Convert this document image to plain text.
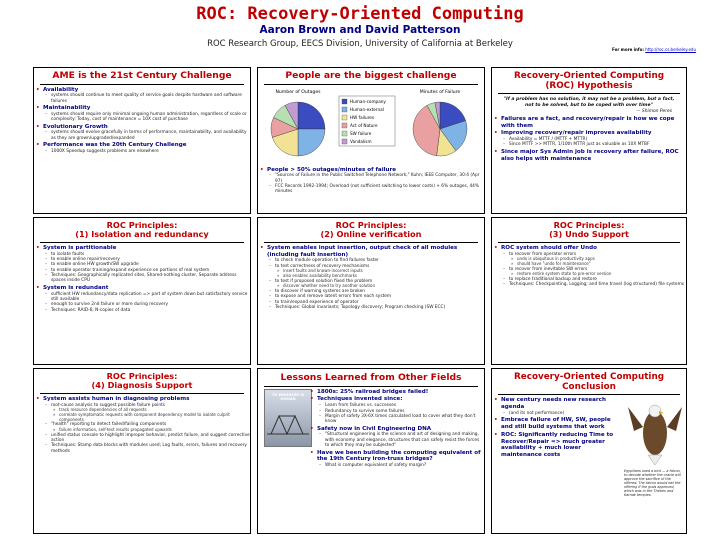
ROC: Recovery-Oriented Computing
Aaron Brown and David Patterson
ROC Research Group, EECS Division, University of California at Berkeley
For more info: http://roc.cs.berkeley.edu
AME is the 21st Century Challenge
• Availability
– systems should continue to meet quality of service goals despite hardware and software failures
• Maintainability
– systems should require only minimal ongoing human administration, regardless of scale or complexity: Today, cost of maintenance = 10X cost of purchase
• Evolutionary Growth
– systems should evolve gracefully in terms of performance, maintainability, and availability as they are grown/upgraded/expanded
• Performance was the 20th Century Challenge
– 1000X Speedup suggests problems are elsewhere
People are the biggest challenge
Number of Outages	Minutes of Failure
Human-company
Human-external
HW failures
Act of Nature
SW failure
Vandalism
• People > 50% outages/minutes of failure
– "Sources of Failure in the Public Switched Telephone Network," Kuhn; IEEE Computer, 30:4 (Apr 97)
– FCC Records 1992-1994; Overload (not sufficient switching to lower costs) + 6% outages, 44% minutes
Recovery-Oriented Computing
(ROC) Hypothesis
"If a problem has no solution, it may not be a problem, but a fact, not to be solved, but to be coped with over time"
— Shimon Peres
• Failures are a fact, and recovery/repair is how we cope with them
• Improving recovery/repair improves availability
– Availability = MTTF / (MTTF + MTTR)
– Since MTTF >> MTTR, 1/10th MTTR just as valuable as 10X MTBF
• Since major Sys Admin job is recovery after failure, ROC also helps with maintenance
ROC Principles:
(1) Isolation and redundancy
• System is partitionable
– to isolate faults
– to enable online repair/recovery
– to enable online HW growth/SW upgrade
– to enable operator training/expand experience on portions of real system
– Techniques: Geographically replicated sites, Shared-nothing cluster, Separate address spaces inside CPU
• System is redundant
– sufficient HW redundancy/data replication => part of system down but satisfactory service still available
– enough to survive 2nd failure or more during recovery
– Techniques: RAID-6; N-copies of data
ROC Principles:
(2) Online verification
• System enables input insertion, output check of all modules (including fault insertion)
– to check module operation to find failures faster
– to test correctness of recovery mechanisms
» insert faults and known-incorrect inputs
» also enables availability benchmarks
– to test if proposed solution fixed the problem
» discover whether need to try another solution
– to discover if warning systems are broken
– to expose and remove latent errors from each system
– to train/expand experience of operator
– Techniques: Global invariants; Topology discovery; Program checking (SW ECC)
ROC Principles:
(3) Undo Support
• ROC system should offer Undo
– to recover from operator errors
» undo is ubiquitous in productivity apps
» should have "undo for maintenance"
– to recover from inevitable SW errors
» restore entire system state to pre-error version
– to replace traditional backup and restore
– Techniques: Checkpointing, Logging; and time travel (log structured) file systems
ROC Principles:
(4) Diagnosis Support
• System assists human in diagnosing problems
– root-cause analysis to suggest possible failure points
» track resource dependencies of all requests
» correlate symptomatic requests with component dependency model to isolate culprit components
– "health" reporting to detect failed/failing components
» failure information, self-test results propagated upwards
– unified status console to highlight improper behavior, predict failure, and suggest corrective action
– Techniques: Stamp data blocks with modules used; Log faults, errors, failures and recovery methods
Lessons Learned from Other Fields
TO ENGINEER IS HUMAN
• 1800s: 25% railroad bridges failed!
• Techniques invented since:
– Learn from failures vs. successes
– Redundancy to survive some failures
– Margin of safety 3X-6X times calculated load to cover what they don't know
• Safety now in Civil Engineering DNA
– "Structural engineering is the science and art of designing and making, with economy and elegance, structures that can safely resist the forces to which they may be subjected"
• Have we been building the computing equivalent of the 19th Century iron-truss bridges?
– What is computer equivalent of safety margin?
Recovery-Oriented Computing
Conclusion
• New century needs new research agenda
– (and its not performance)
• Embrace failure of HW, SW, people and still build systems that work
• ROC: Significantly reducing Time to Recover/Repair => much greater availability + much lower maintenance costs
Egyptians used a bird — a falcon, to decode whether the oracle will approve the sacrifice of the offered. The falcon would eat the offering if the gods approved, which was in the Thebes and Karnak temples.
